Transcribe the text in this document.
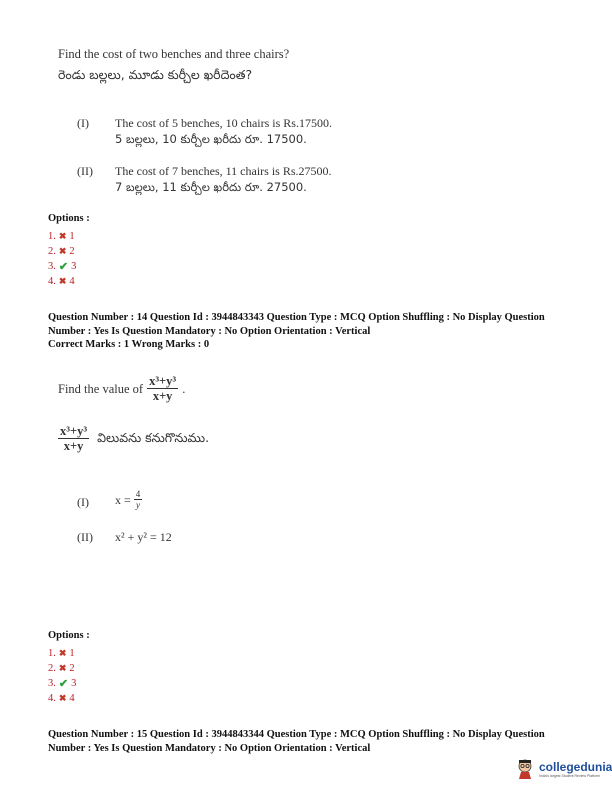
Find the cost of two benches and three chairs?
రెండు బల్లలు, మూడు కుర్చీల ఖరీదెంత?
(I) The cost of 5 benches, 10 chairs is Rs.17500.
5 బల్లలు, 10 కుర్చీల ఖరీదు రూ. 17500.
(II) The cost of 7 benches, 11 chairs is Rs.27500.
7 బల్లలు, 11 కుర్చీల ఖరీదు రూ. 27500.
Options :
1. ✖ 1
2. ✖ 2
3. ✔ 3
4. ✖ 4
Question Number : 14 Question Id : 3944843343 Question Type : MCQ Option Shuffling : No Display Question
Number : Yes Is Question Mandatory : No Option Orientation : Vertical
Correct Marks : 1 Wrong Marks : 0
Find the value of $\frac{\text{x³+y³}}{x+y}$ .
$\frac{\text{x³+y³}}{x+y}$ విలువను కనుగొనుము.
(I) $x = \frac{4}{y}$
(II) x² + y² = 12
Options :
1. ✖ 1
2. ✖ 2
3. ✔ 3
4. ✖ 4
Question Number : 15 Question Id : 3944843344 Question Type : MCQ Option Shuffling : No Display Question
Number : Yes Is Question Mandatory : No Option Orientation : Vertical
collegedunia
India's largest Student Review Platform
